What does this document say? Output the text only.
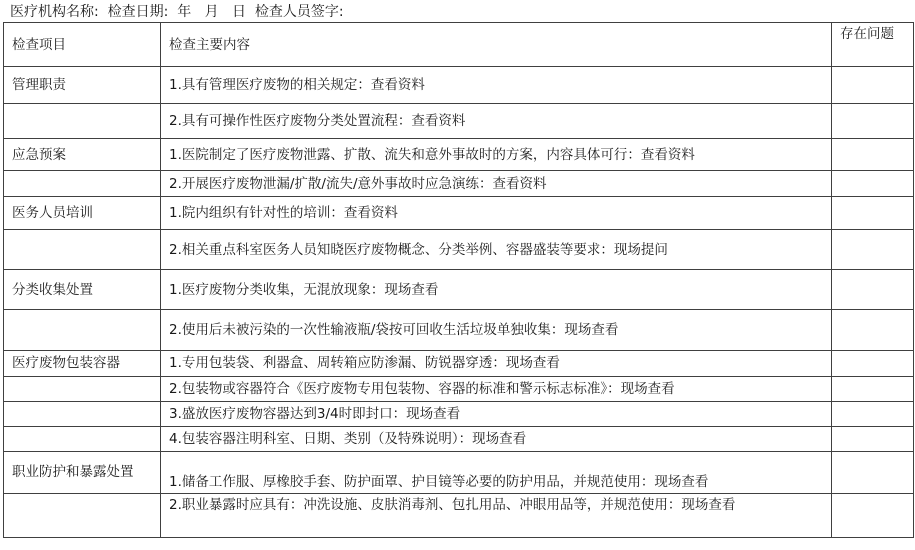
医疗机构名称: 检查日期: 年 月 日 检查人员签字:
检查项目	检查主要内容	存在问题
管理职责	1.具有管理医疗废物的相关规定：查看资料	
	2.具有可操作性医疗废物分类处置流程：查看资料	
应急预案	1.医院制定了医疗废物泄露、扩散、流失和意外事故时的方案，内容具体可行：查看资料	
	2.开展医疗废物泄漏/扩散/流失/意外事故时应急演练：查看资料	
医务人员培训	1.院内组织有针对性的培训：查看资料	
	2.相关重点科室医务人员知晓医疗废物概念、分类举例、容器盛装等要求：现场提问	
分类收集处置	1.医疗废物分类收集，无混放现象：现场查看	
	2.使用后未被污染的一次性输液瓶/袋按可回收生活垃圾单独收集：现场查看	
医疗废物包装容器	1.专用包装袋、利器盒、周转箱应防渗漏、防锐器穿透：现场查看	
	2.包装物或容器符合《医疗废物专用包装物、容器的标准和警示标志标准》：现场查看	
	3.盛放医疗废物容器达到3/4时即封口：现场查看	
	4.包装容器注明科室、日期、类别（及特殊说明）：现场查看	
职业防护和暴露处置	1.储备工作服、厚橡胶手套、防护面罩、护目镜等必要的防护用品，并规范使用：现场查看	
	2.职业暴露时应具有：冲洗设施、皮肤消毒剂、包扎用品、冲眼用品等，并规范使用：现场查看	
